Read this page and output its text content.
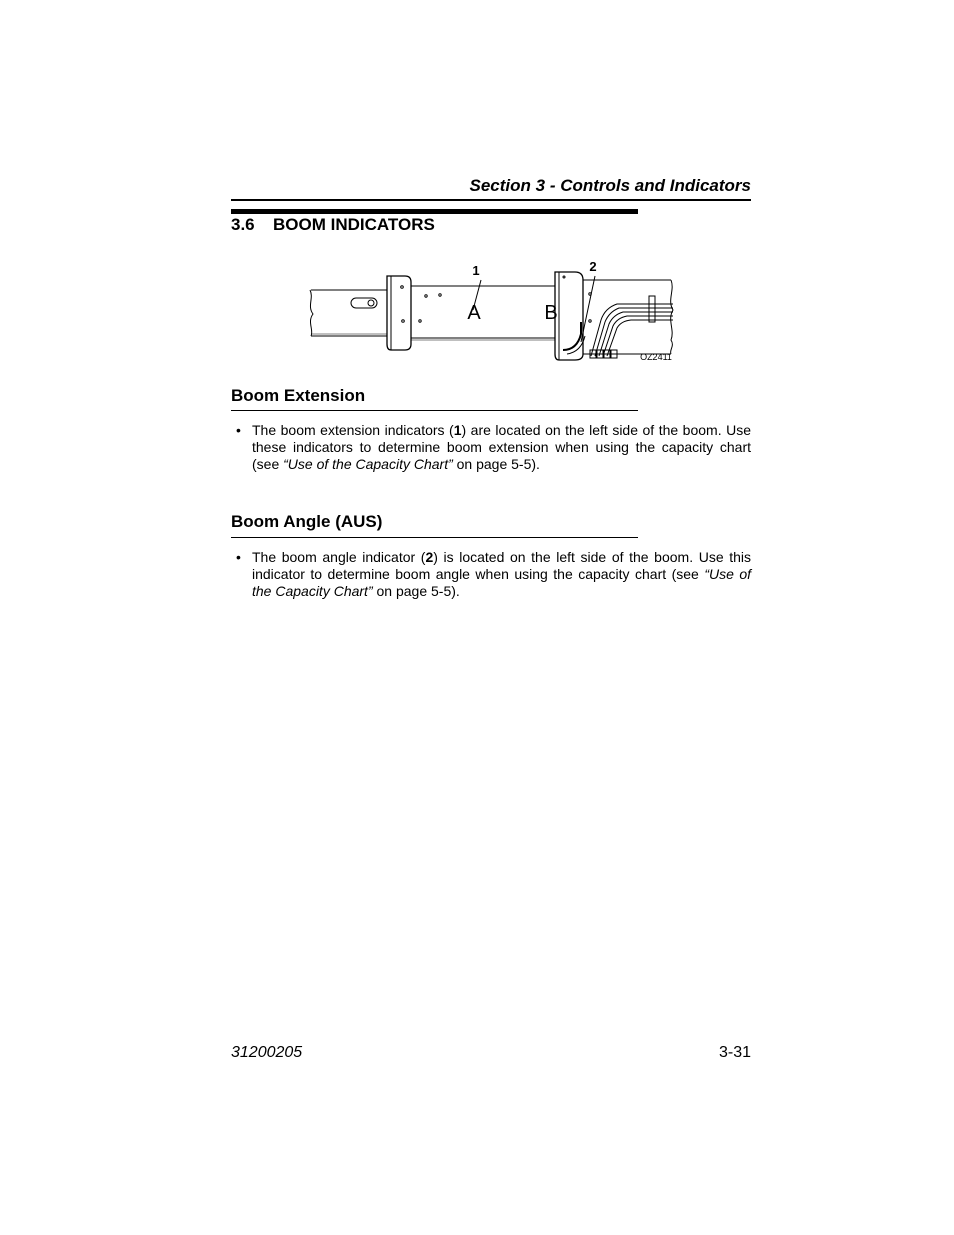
Section 3 - Controls and Indicators
3.6 BOOM INDICATORS
1	2
A	B
OZ2411
Boom Extension
• The boom extension indicators (1) are located on the left side of the boom. Use these indicators to determine boom extension when using the capacity chart (see “Use of the Capacity Chart” on page 5-5).
Boom Angle (AUS)
• The boom angle indicator (2) is located on the left side of the boom. Use this indicator to determine boom angle when using the capacity chart (see “Use of the Capacity Chart” on page 5-5).
31200205	3-31
